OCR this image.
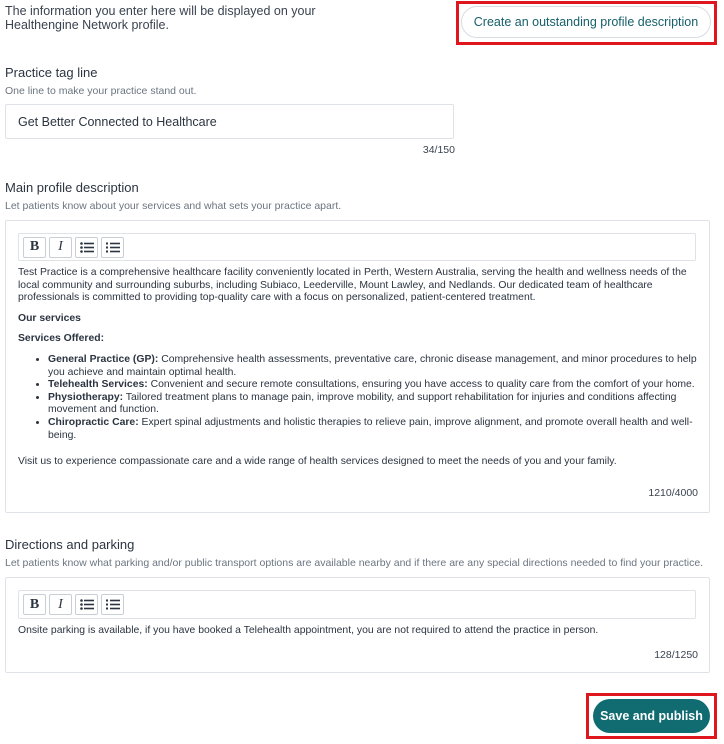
The information you enter here will be displayed on your Healthengine Network profile.	Create an outstanding profile description
Practice tag line
One line to make your practice stand out.
Get Better Connected to Healthcare
34/150
Main profile description
Let patients know about your services and what sets your practice apart.
B	I

Test Practice is a comprehensive healthcare facility conveniently located in Perth, Western Australia, serving the health and wellness needs of the local community and surrounding suburbs, including Subiaco, Leederville, Mount Lawley, and Nedlands. Our dedicated team of healthcare professionals is committed to providing top-quality care with a focus on personalized, patient-centered treatment.

Our services

Services Offered:

• General Practice (GP): Comprehensive health assessments, preventative care, chronic disease management, and minor procedures to help you achieve and maintain optimal health.
• Telehealth Services: Convenient and secure remote consultations, ensuring you have access to quality care from the comfort of your home.
• Physiotherapy: Tailored treatment plans to manage pain, improve mobility, and support rehabilitation for injuries and conditions affecting movement and function.
• Chiropractic Care: Expert spinal adjustments and holistic therapies to relieve pain, improve alignment, and promote overall health and well-being.

Visit us to experience compassionate care and a wide range of health services designed to meet the needs of you and your family.

1210/4000
Directions and parking
Let patients know what parking and/or public transport options are available nearby and if there are any special directions needed to find your practice.
B	I
Onsite parking is available, if you have booked a Telehealth appointment, you are not required to attend the practice in person.
128/1250
Save and publish
